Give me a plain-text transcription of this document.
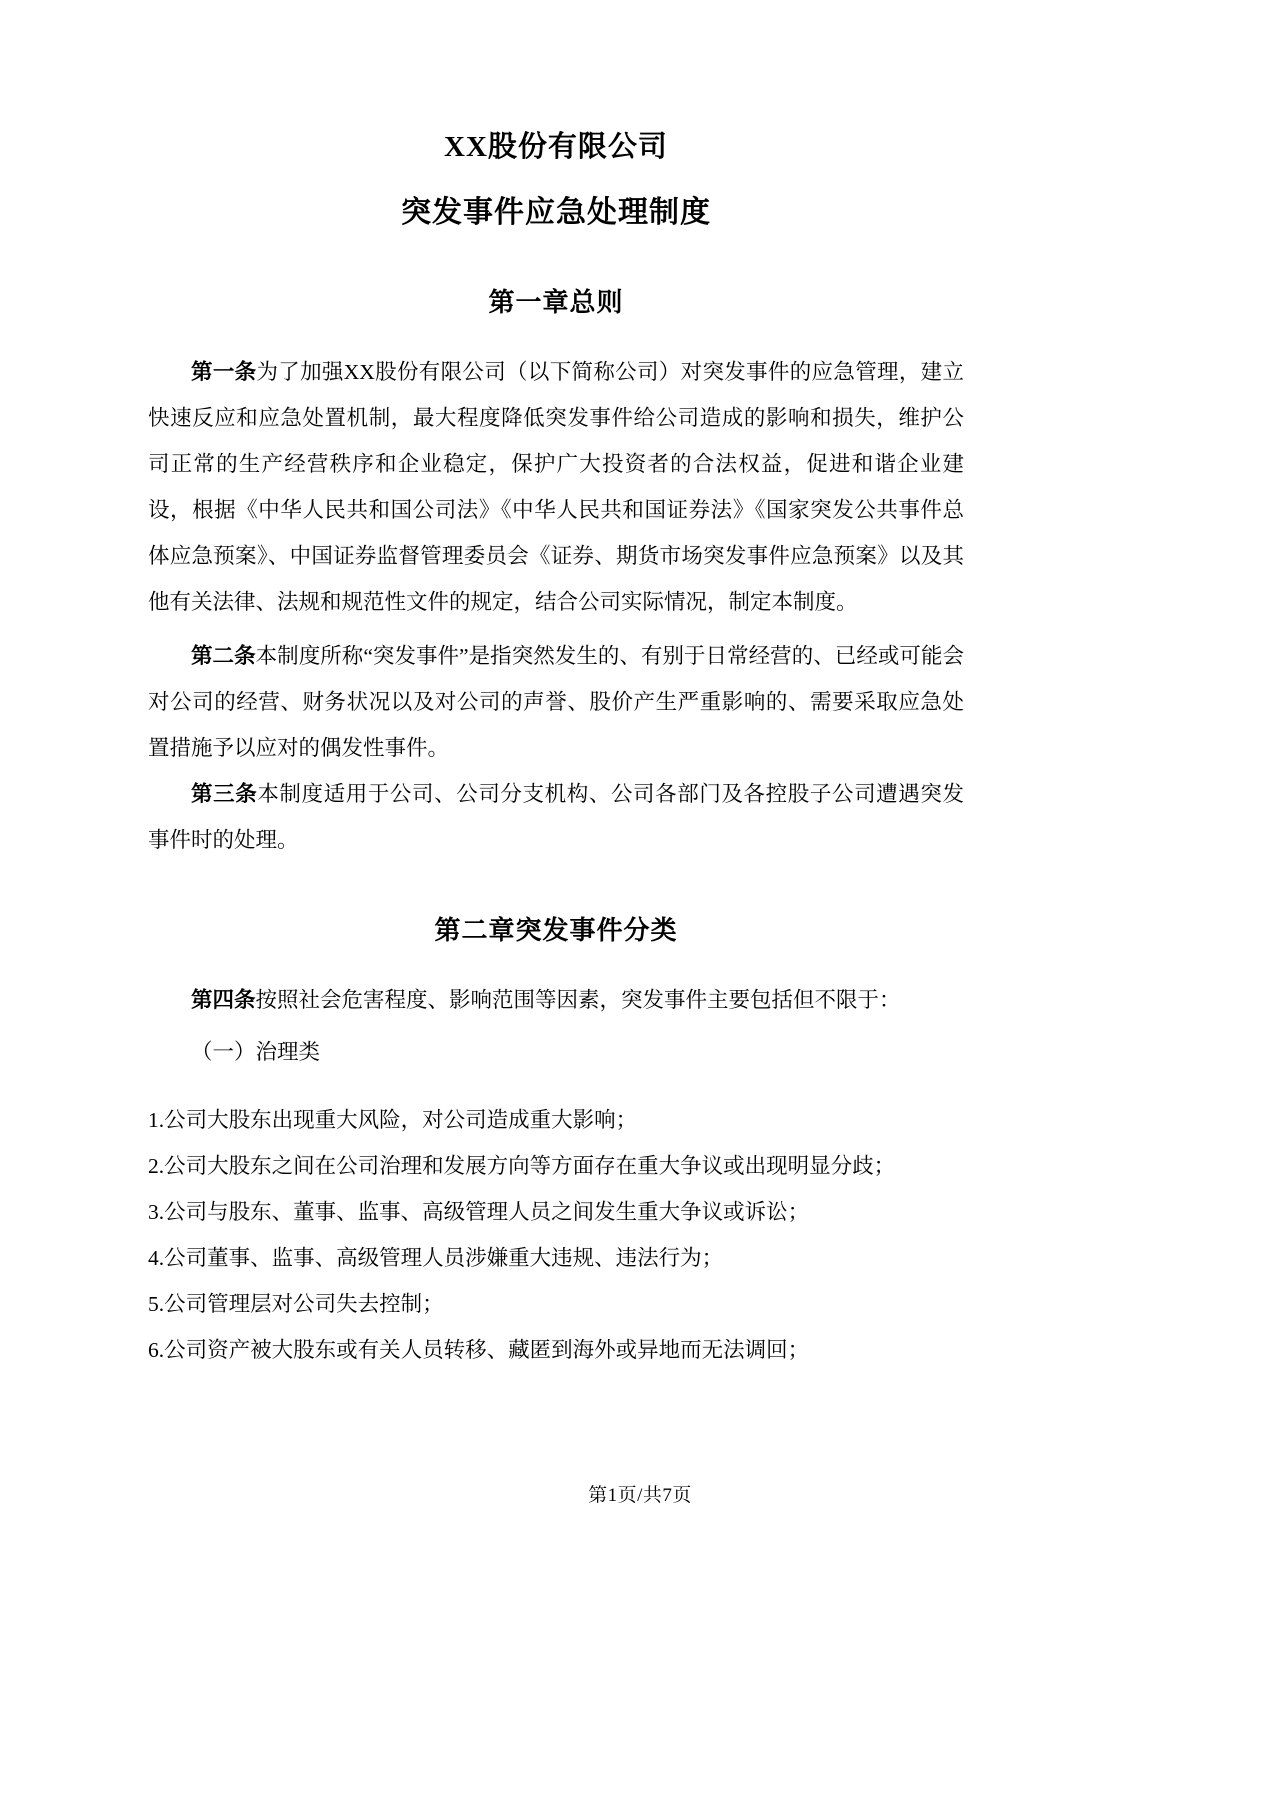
XX股份有限公司
突发事件应急处理制度
第一章总则

第一条为了加强XX股份有限公司（以下简称公司）对突发事件的应急管理，建立快速反应和应急处置机制，最大程度降低突发事件给公司造成的影响和损失，维护公司正常的生产经营秩序和企业稳定，保护广大投资者的合法权益，促进和谐企业建设，根据《中华人民共和国公司法》《中华人民共和国证券法》《国家突发公共事件总体应急预案》、中国证券监督管理委员会《证券、期货市场突发事件应急预案》以及其他有关法律、法规和规范性文件的规定，结合公司实际情况，制定本制度。

第二条本制度所称“突发事件”是指突然发生的、有别于日常经营的、已经或可能会对公司的经营、财务状况以及对公司的声誉、股价产生严重影响的、需要采取应急处置措施予以应对的偶发性事件。

第三条本制度适用于公司、公司分支机构、公司各部门及各控股子公司遭遇突发事件时的处理。

第二章突发事件分类

第四条按照社会危害程度、影响范围等因素，突发事件主要包括但不限于：

（一）治理类

1.公司大股东出现重大风险，对公司造成重大影响；

2.公司大股东之间在公司治理和发展方向等方面存在重大争议或出现明显分歧；

3.公司与股东、董事、监事、高级管理人员之间发生重大争议或诉讼；

4.公司董事、监事、高级管理人员涉嫌重大违规、违法行为；

5.公司管理层对公司失去控制；

6.公司资产被大股东或有关人员转移、藏匿到海外或异地而无法调回；

第1页/共7页
